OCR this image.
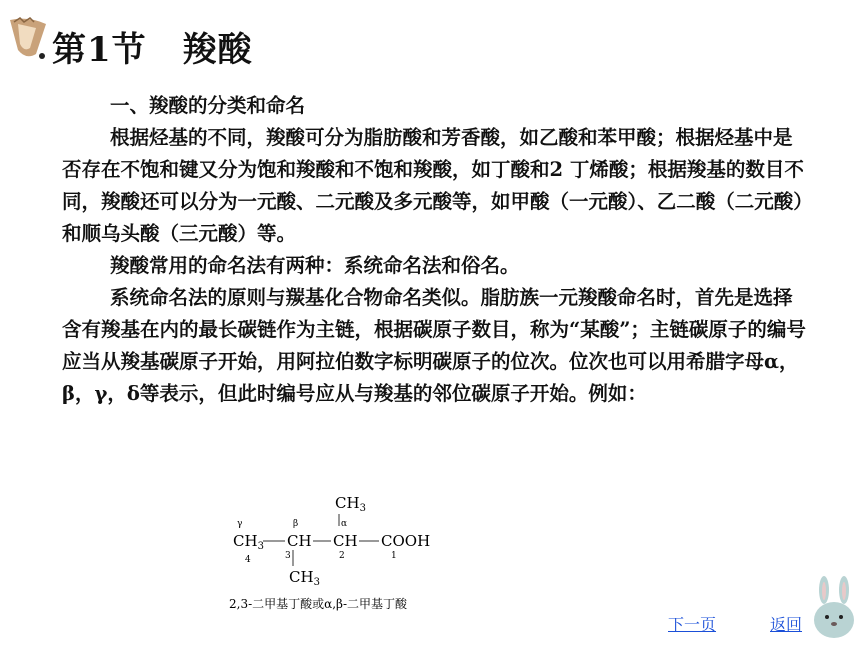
第1节 羧酸

一、羧酸的分类和命名

根据烃基的不同，羧酸可分为脂肪酸和芳香酸，如乙酸和苯甲酸；根据烃基中是否存在不饱和键又分为饱和羧酸和不饱和羧酸，如丁酸和2 丁烯酸；根据羧基的数目不同，羧酸还可以分为一元酸、二元酸及多元酸等，如甲酸（一元酸）、乙二酸（二元酸）和顺乌头酸（三元酸）等。

羧酸常用的命名法有两种：系统命名法和俗名。

系统命名法的原则与羰基化合物命名类似。脂肪族一元羧酸命名时，首先是选择含有羧基在内的最长碳链作为主链，根据碳原子数目，称为“某酸”；主链碳原子的编号应当从羧基碳原子开始，用阿拉伯数字标明碳原子的位次。位次也可以用希腊字母α，β，γ，δ等表示，但此时编号应从与羧基的邻位碳原子开始。例如：

$CH_3$
γ	β	α
$CH_3$ CH CH COOH
4	3	2	1
$CH_3$
2,3-二甲基丁酸或α,β-二甲基丁酸
下一页	返回
